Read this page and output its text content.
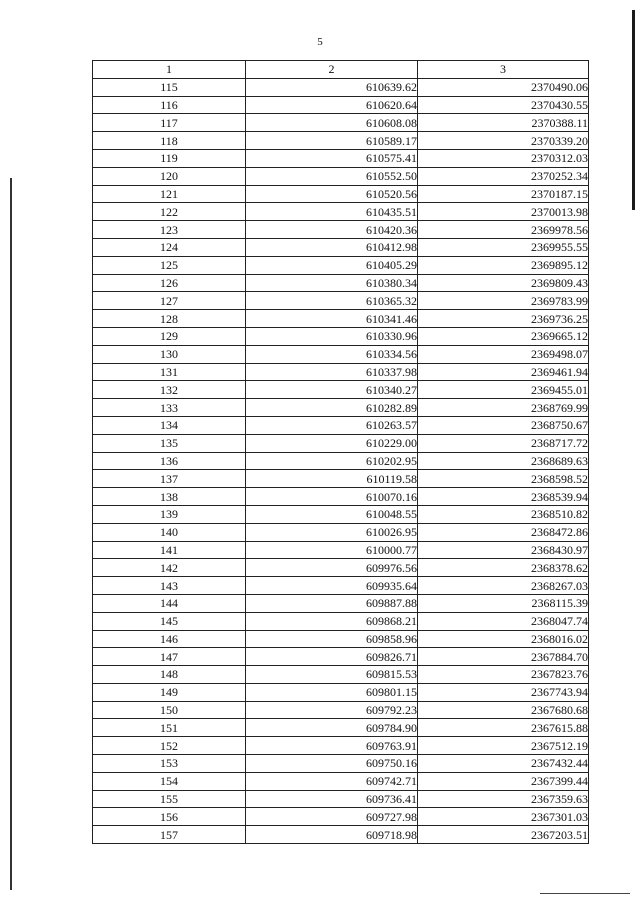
5
1	2	3
115	610639.62	2370490.06
116	610620.64	2370430.55
117	610608.08	2370388.11
118	610589.17	2370339.20
119	610575.41	2370312.03
120	610552.50	2370252.34
121	610520.56	2370187.15
122	610435.51	2370013.98
123	610420.36	2369978.56
124	610412.98	2369955.55
125	610405.29	2369895.12
126	610380.34	2369809.43
127	610365.32	2369783.99
128	610341.46	2369736.25
129	610330.96	2369665.12
130	610334.56	2369498.07
131	610337.98	2369461.94
132	610340.27	2369455.01
133	610282.89	2368769.99
134	610263.57	2368750.67
135	610229.00	2368717.72
136	610202.95	2368689.63
137	610119.58	2368598.52
138	610070.16	2368539.94
139	610048.55	2368510.82
140	610026.95	2368472.86
141	610000.77	2368430.97
142	609976.56	2368378.62
143	609935.64	2368267.03
144	609887.88	2368115.39
145	609868.21	2368047.74
146	609858.96	2368016.02
147	609826.71	2367884.70
148	609815.53	2367823.76
149	609801.15	2367743.94
150	609792.23	2367680.68
151	609784.90	2367615.88
152	609763.91	2367512.19
153	609750.16	2367432.44
154	609742.71	2367399.44
155	609736.41	2367359.63
156	609727.98	2367301.03
157	609718.98	2367203.51
